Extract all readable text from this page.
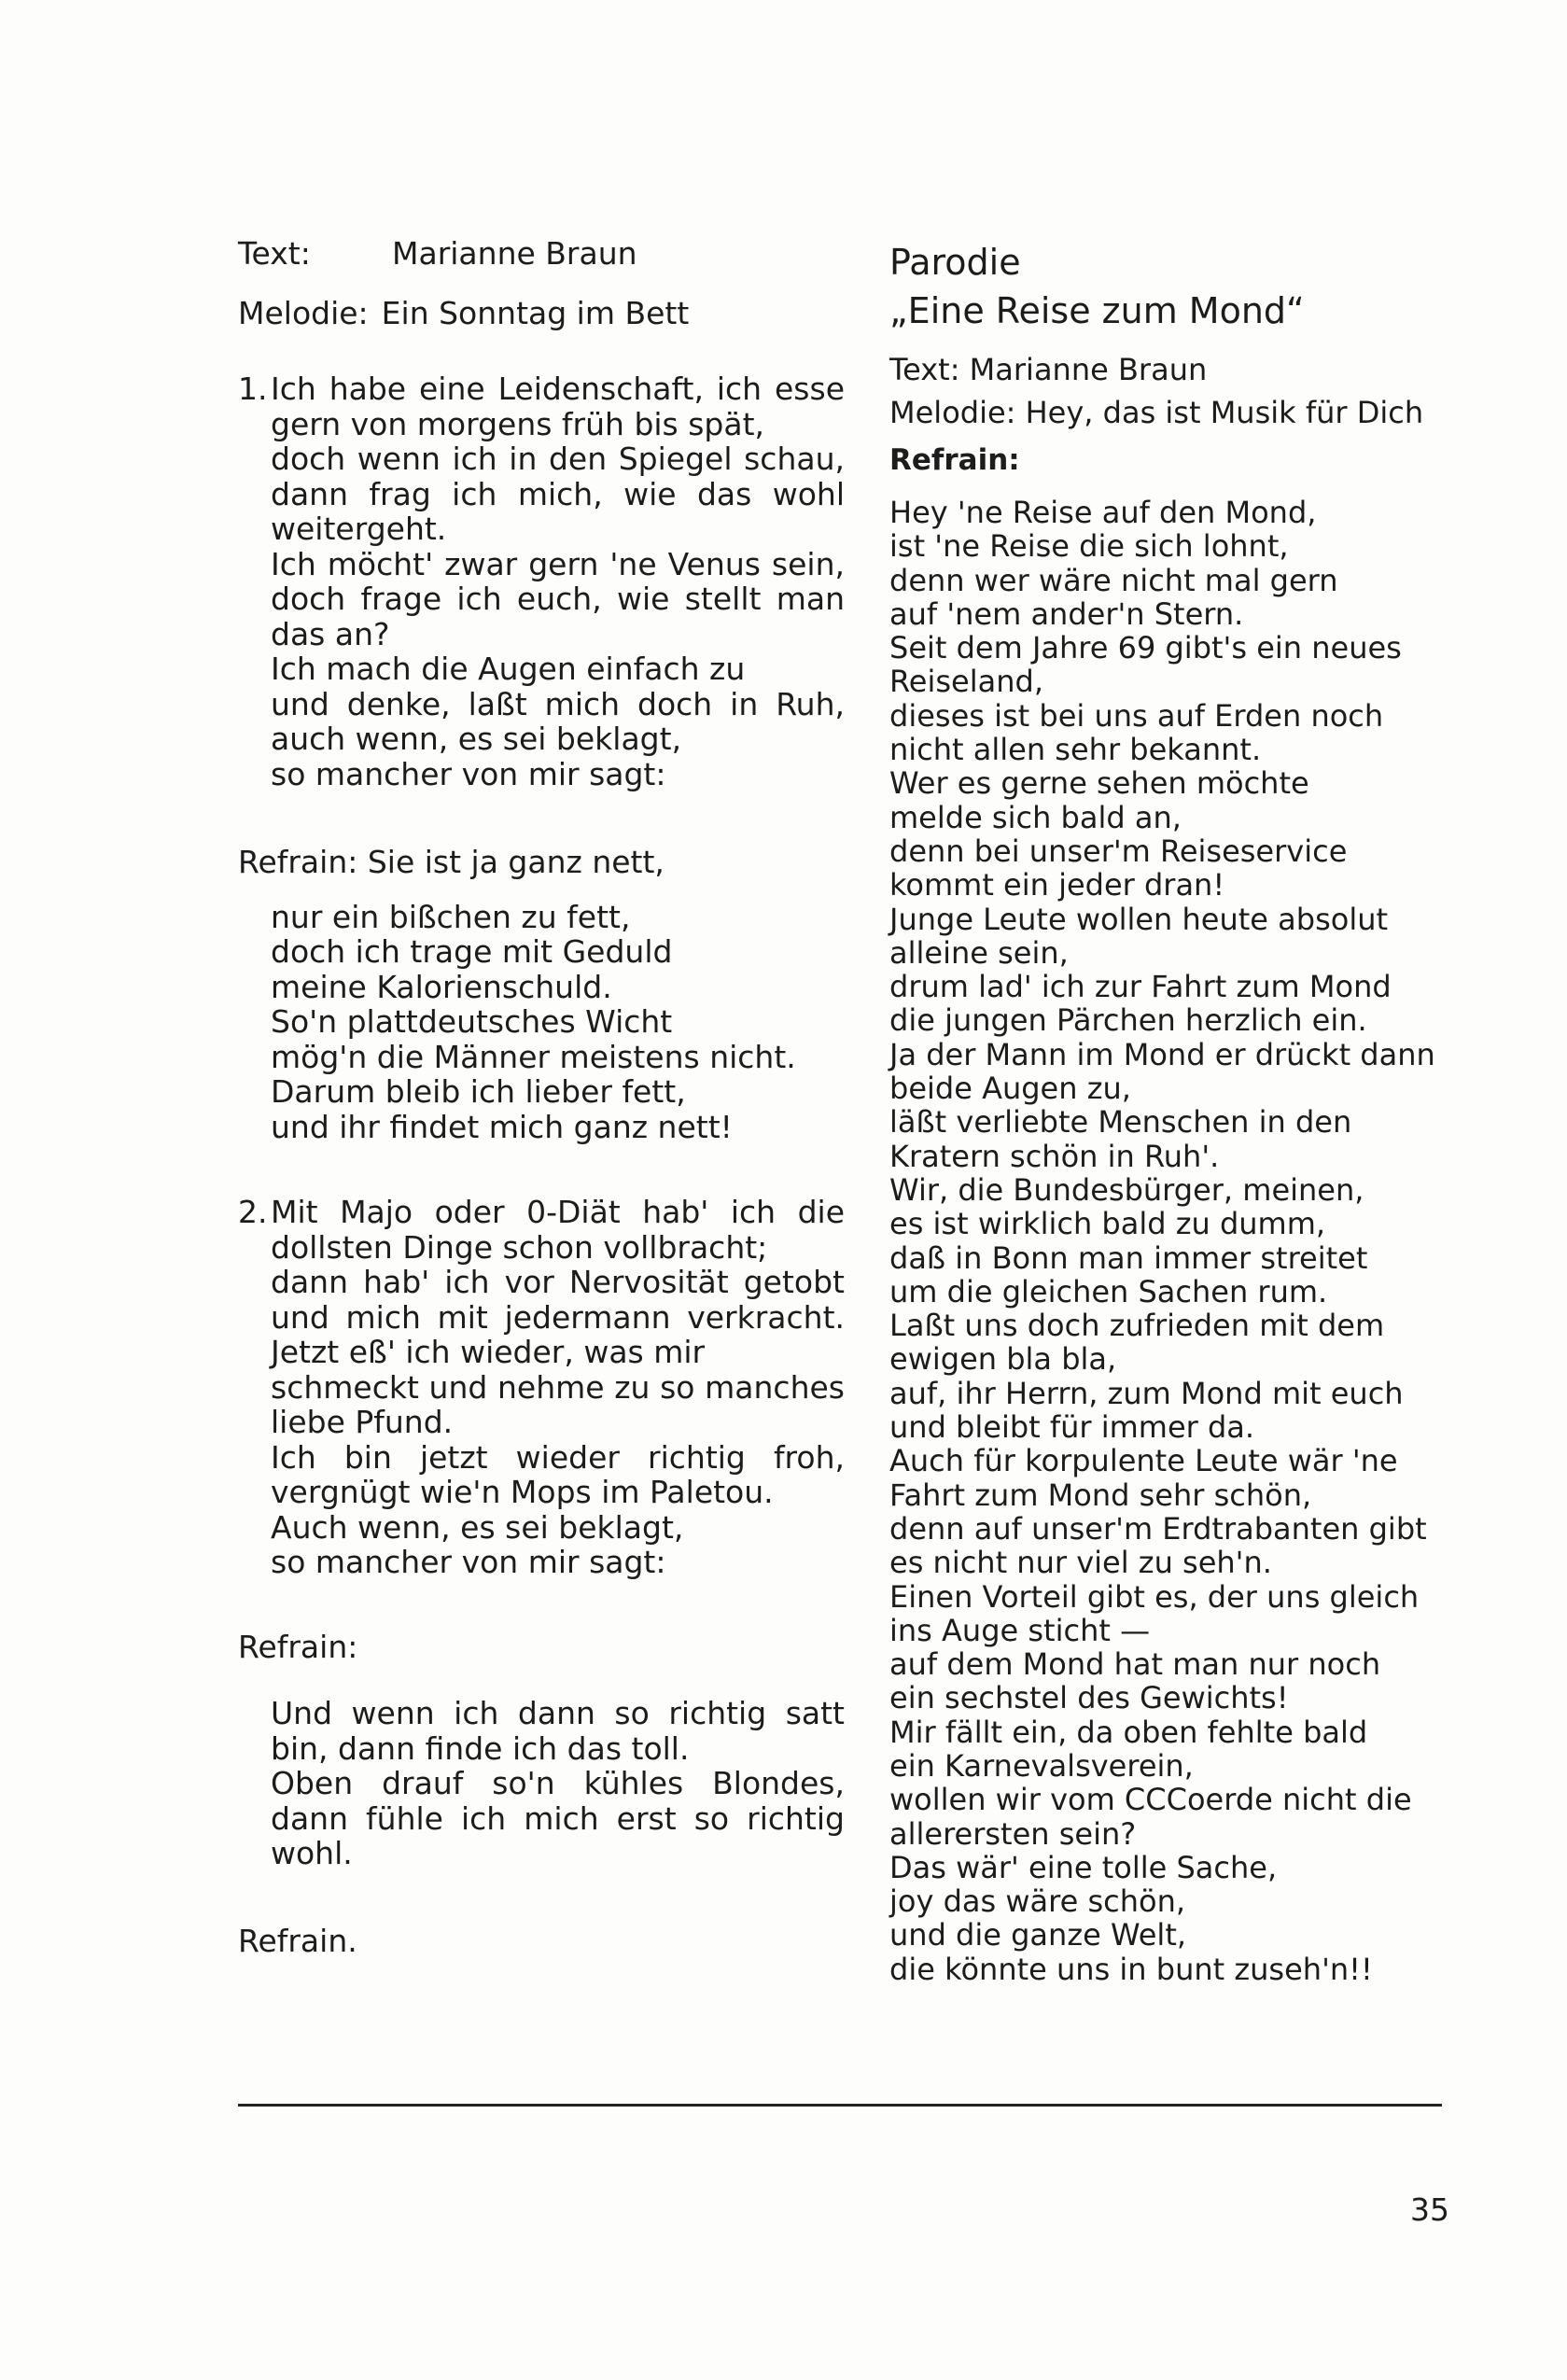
Text:	Marianne Braun
Melodie: Ein Sonntag im Bett
1. Ich habe eine Leidenschaft, ich esse
gern von morgens früh bis spät,
doch wenn ich in den Spiegel schau,
dann frag ich mich, wie das wohl
weitergeht.
Ich möcht' zwar gern 'ne Venus sein,
doch frage ich euch, wie stellt man
das an?
Ich mach die Augen einfach zu
und denke, laßt mich doch in Ruh,
auch wenn, es sei beklagt,
so mancher von mir sagt:
Refrain: Sie ist ja ganz nett,
nur ein bißchen zu fett,
doch ich trage mit Geduld
meine Kalorienschuld.
So'n plattdeutsches Wicht
mög'n die Männer meistens nicht.
Darum bleib ich lieber fett,
und ihr findet mich ganz nett!
2. Mit Majo oder 0-Diät hab' ich die
dollsten Dinge schon vollbracht;
dann hab' ich vor Nervosität getobt
und mich mit jedermann verkracht.
Jetzt eß' ich wieder, was mir
schmeckt und nehme zu so manches
liebe Pfund.
Ich bin jetzt wieder richtig froh,
vergnügt wie'n Mops im Paletou.
Auch wenn, es sei beklagt,
so mancher von mir sagt:
Refrain:
Und wenn ich dann so richtig satt
bin, dann finde ich das toll.
Oben drauf so'n kühles Blondes,
dann fühle ich mich erst so richtig
wohl.
Refrain.
Parodie
„Eine Reise zum Mond“
Text: Marianne Braun
Melodie: Hey, das ist Musik für Dich
Refrain:
Hey 'ne Reise auf den Mond,
ist 'ne Reise die sich lohnt,
denn wer wäre nicht mal gern
auf 'nem ander'n Stern.
Seit dem Jahre 69 gibt's ein neues
Reiseland,
dieses ist bei uns auf Erden noch
nicht allen sehr bekannt.
Wer es gerne sehen möchte
melde sich bald an,
denn bei unser'm Reiseservice
kommt ein jeder dran!
Junge Leute wollen heute absolut
alleine sein,
drum lad' ich zur Fahrt zum Mond
die jungen Pärchen herzlich ein.
Ja der Mann im Mond er drückt dann
beide Augen zu,
läßt verliebte Menschen in den
Kratern schön in Ruh'.
Wir, die Bundesbürger, meinen,
es ist wirklich bald zu dumm,
daß in Bonn man immer streitet
um die gleichen Sachen rum.
Laßt uns doch zufrieden mit dem
ewigen bla bla,
auf, ihr Herrn, zum Mond mit euch
und bleibt für immer da.
Auch für korpulente Leute wär 'ne
Fahrt zum Mond sehr schön,
denn auf unser'm Erdtrabanten gibt
es nicht nur viel zu seh'n.
Einen Vorteil gibt es, der uns gleich
ins Auge sticht —
auf dem Mond hat man nur noch
ein sechstel des Gewichts!
Mir fällt ein, da oben fehlte bald
ein Karnevalsverein,
wollen wir vom CCCoerde nicht die
allerersten sein?
Das wär' eine tolle Sache,
joy das wäre schön,
und die ganze Welt,
die könnte uns in bunt zuseh'n!!
35
